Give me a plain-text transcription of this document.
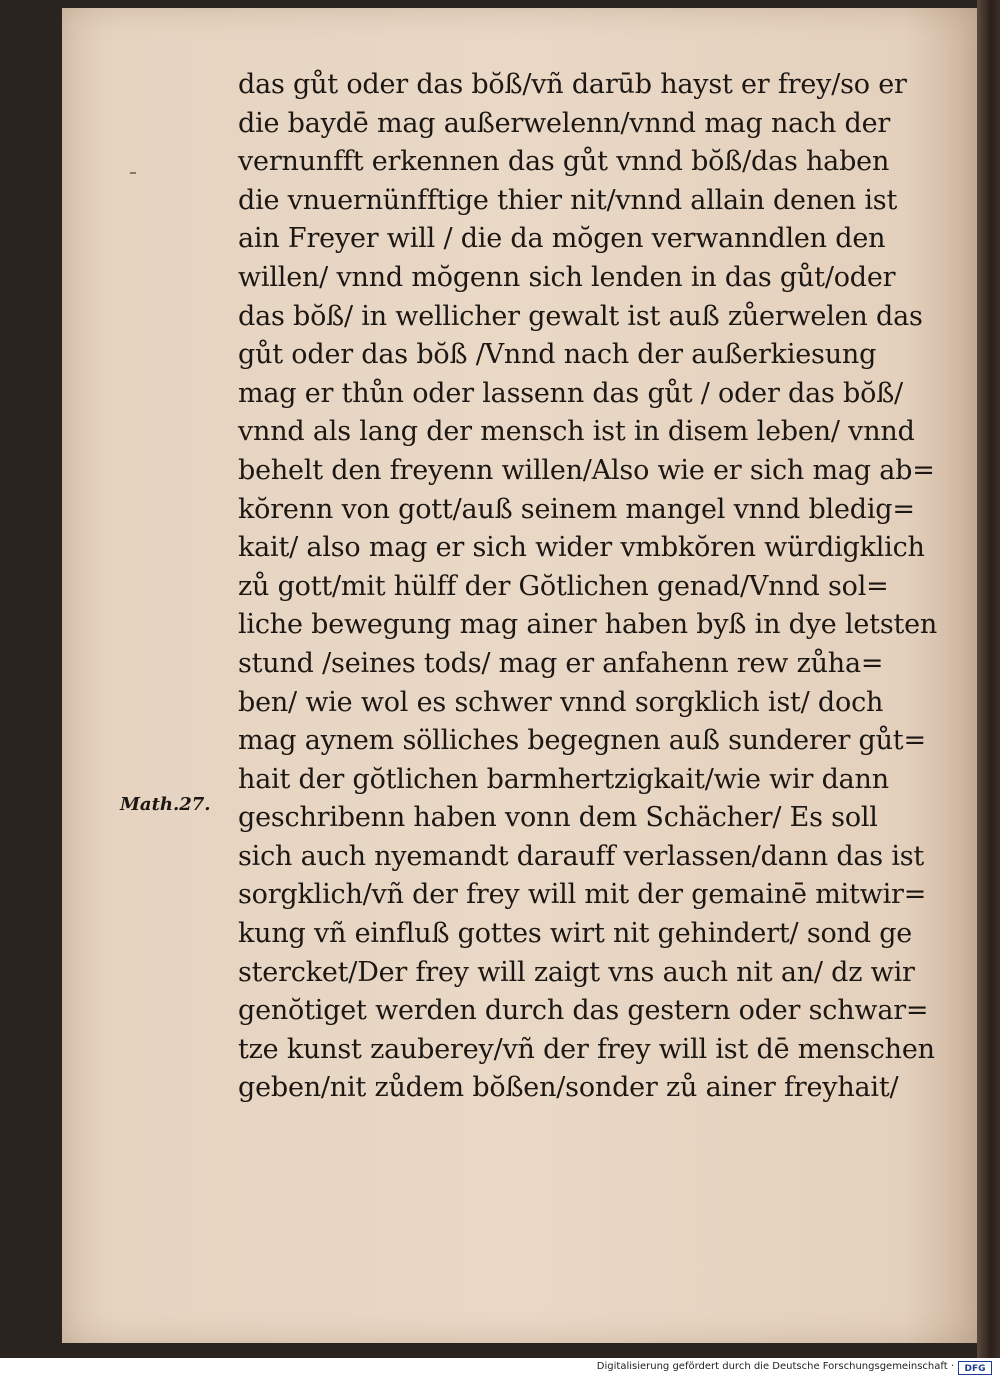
Math.27.
das gůt oder das bŏß/vñ darūb hayst er frey/so er
die baydē mag außerwelenn/vnnd mag nach der
vernunfft erkennen das gůt vnnd bŏß/das haben
die vnuernünfftige thier nit/vnnd allain denen ist
ain Freyer will / die da mŏgen verwanndlen den
willen/ vnnd mŏgenn sich lenden in das gůt/oder
das bŏß/ in wellicher gewalt ist auß zůerwelen das
gůt oder das bŏß /Vnnd nach der außerkiesung
mag er thůn oder lassenn das gůt / oder das bŏß/
vnnd als lang der mensch ist in disem leben/ vnnd
behelt den freyenn willen/Also wie er sich mag ab=
kŏrenn von gott/auß seinem mangel vnnd bledig=
kait/ also mag er sich wider vmbkŏren würdigklich
zů gott/mit hülff der Gŏtlichen genad/Vnnd sol=
liche bewegung mag ainer haben byß in dye letsten
stund /seines tods/ mag er anfahenn rew zůha=
ben/ wie wol es schwer vnnd sorgklich ist/ doch
mag aynem sölliches begegnen auß sunderer gůt=
hait der gŏtlichen barmhertzigkait/wie wir dann
geschribenn haben vonn dem Schächer/ Es soll
sich auch nyemandt darauff verlassen/dann das ist
sorgklich/vñ der frey will mit der gemainē mitwir=
kung vñ einfluß gottes wirt nit gehindert/ sond ge
stercket/Der frey will zaigt vns auch nit an/ dz wir
genŏtiget werden durch das gestern oder schwar=
tze kunst zauberey/vñ der frey will ist dē menschen
geben/nit zůdem bŏßen/sonder zů ainer freyhait/
Digitalisierung gefördert durch die Deutsche Forschungsgemeinschaft ·	DFG
